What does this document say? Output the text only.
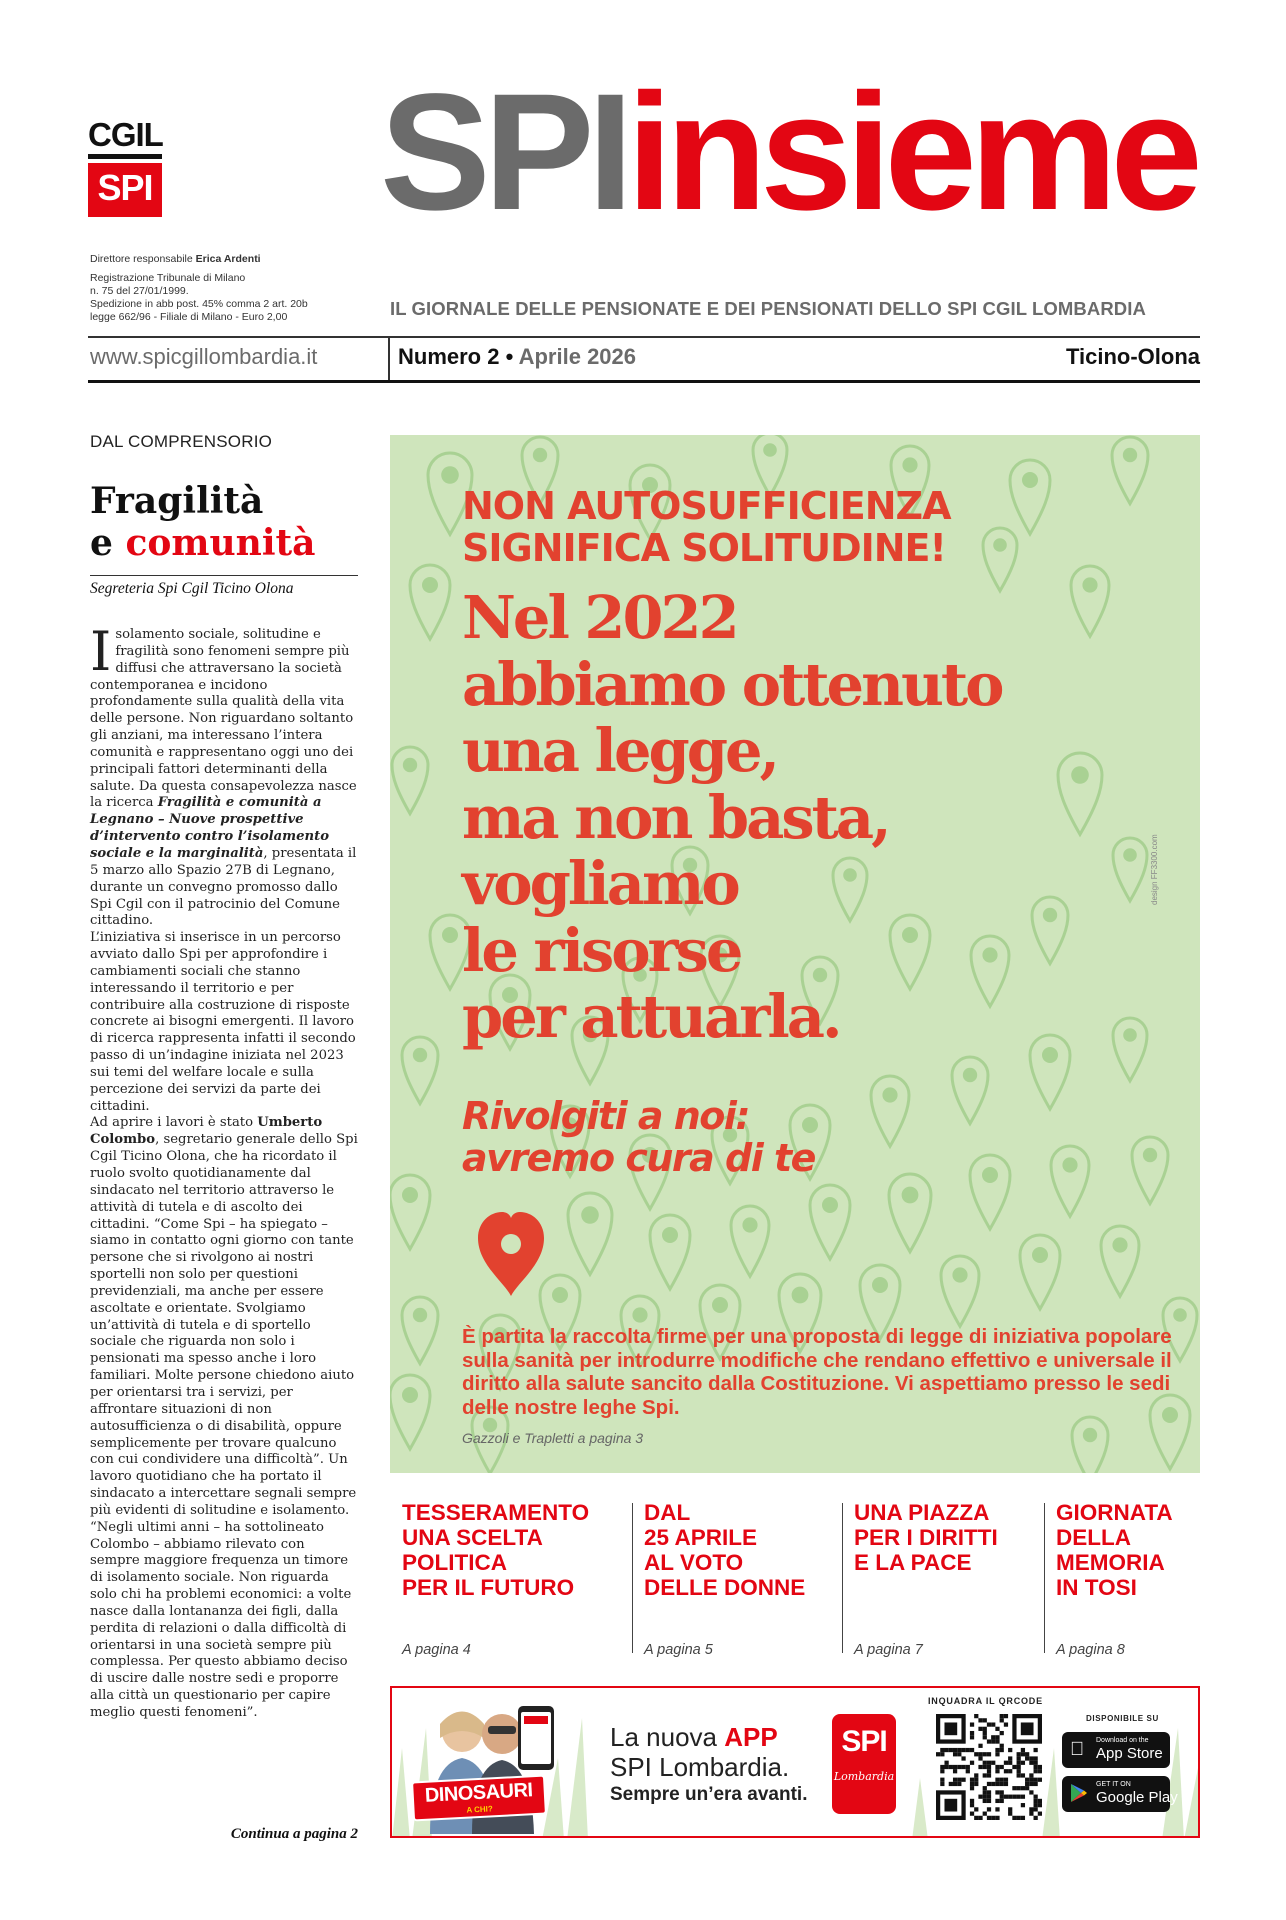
CGIL
SPI SPIinsieme
Direttore responsabile Erica Ardenti
Registrazione Tribunale di Milano
n. 75 del 27/01/1999.
Spedizione in abb post. 45% comma 2 art. 20b
legge 662/96 - Filiale di Milano - Euro 2,00	IL GIORNALE DELLE PENSIONATE E DEI PENSIONATI DELLO SPI CGIL LOMBARDIA
www.spicgillombardia.it	Numero 2 • Aprile 2026	Ticino-Olona
DAL COMPRENSORIO
Fragilità
e comunità
Segreteria Spi Cgil Ticino Olona
I solamento sociale, solitudine e fragilità sono fenomeni sempre più diffusi che attraversano la società contemporanea e incidono profondamente sulla qualità della vita delle persone. Non riguardano soltanto gli anziani, ma interessano l’intera comunità e rappresentano oggi uno dei principali fattori determinanti della salute. Da questa consapevolezza nasce la ricerca Fragilità e comunità a Legnano – Nuove prospettive d’intervento contro l’isolamento sociale e la marginalità, presentata il 5 marzo allo Spazio 27B di Legnano, durante un convegno promosso dallo Spi Cgil con il patrocinio del Comune cittadino.

L’iniziativa si inserisce in un percorso avviato dallo Spi per approfondire i cambiamenti sociali che stanno interessando il territorio e per contribuire alla costruzione di risposte concrete ai bisogni emergenti. Il lavoro di ricerca rappresenta infatti il secondo passo di un’indagine iniziata nel 2023 sui temi del welfare locale e sulla percezione dei servizi da parte dei cittadini.

Ad aprire i lavori è stato Umberto Colombo, segretario generale dello Spi Cgil Ticino Olona, che ha ricordato il ruolo svolto quotidianamente dal sindacato nel territorio attraverso le attività di tutela e di ascolto dei cittadini. “Come Spi – ha spiegato – siamo in contatto ogni giorno con tante persone che si rivolgono ai nostri sportelli non solo per questioni previdenziali, ma anche per essere ascoltate e orientate. Svolgiamo un’attività di tutela e di sportello sociale che riguarda non solo i pensionati ma spesso anche i loro familiari. Molte persone chiedono aiuto per orientarsi tra i servizi, per affrontare situazioni di non autosufficienza o di disabilità, oppure semplicemente per trovare qualcuno con cui condividere una difficoltà”. Un lavoro quotidiano che ha portato il sindacato a intercettare segnali sempre più evidenti di solitudine e isolamento.

“Negli ultimi anni – ha sottolineato Colombo – abbiamo rilevato con sempre maggiore frequenza un timore di isolamento sociale. Non riguarda solo chi ha problemi economici: a volte nasce dalla lontananza dei figli, dalla perdita di relazioni o dalla difficoltà di orientarsi in una società sempre più complessa. Per questo abbiamo deciso di uscire dalle nostre sedi e proporre alla città un questionario per capire meglio questi fenomeni”.

Continua a pagina 2
NON AUTOSUFFICIENZA
SIGNIFICA SOLITUDINE!
Nel 2022
abbiamo ottenuto
una legge,
ma non basta,
vogliamo
le risorse
per attuarla.
Rivolgiti a noi:
avremo cura di te
È partita la raccolta firme per una proposta di legge di iniziativa popolare sulla sanità per introdurre modifiche che rendano effettivo e universale il diritto alla salute sancito dalla Costituzione. Vi aspettiamo presso le sedi delle nostre leghe Spi.
Gazzoli e Trapletti a pagina 3
design FF3300.com
TESSERAMENTO
UNA SCELTA
POLITICA
PER IL FUTURO
A pagina 4
DAL
25 APRILE
AL VOTO
DELLE DONNE
A pagina 5
UNA PIAZZA
PER I DIRITTI
E LA PACE
A pagina 7
GIORNATA
DELLA
MEMORIA
IN TOSI
A pagina 8
DINOSAURI
A CHI?
La nuova APP
SPI Lombardia.
Sempre un’era avanti.
SPI
Lombardia
INQUADRA IL QRCODE
DISPONIBILE SU
Download on the
App Store
GET IT ON
Google Play
